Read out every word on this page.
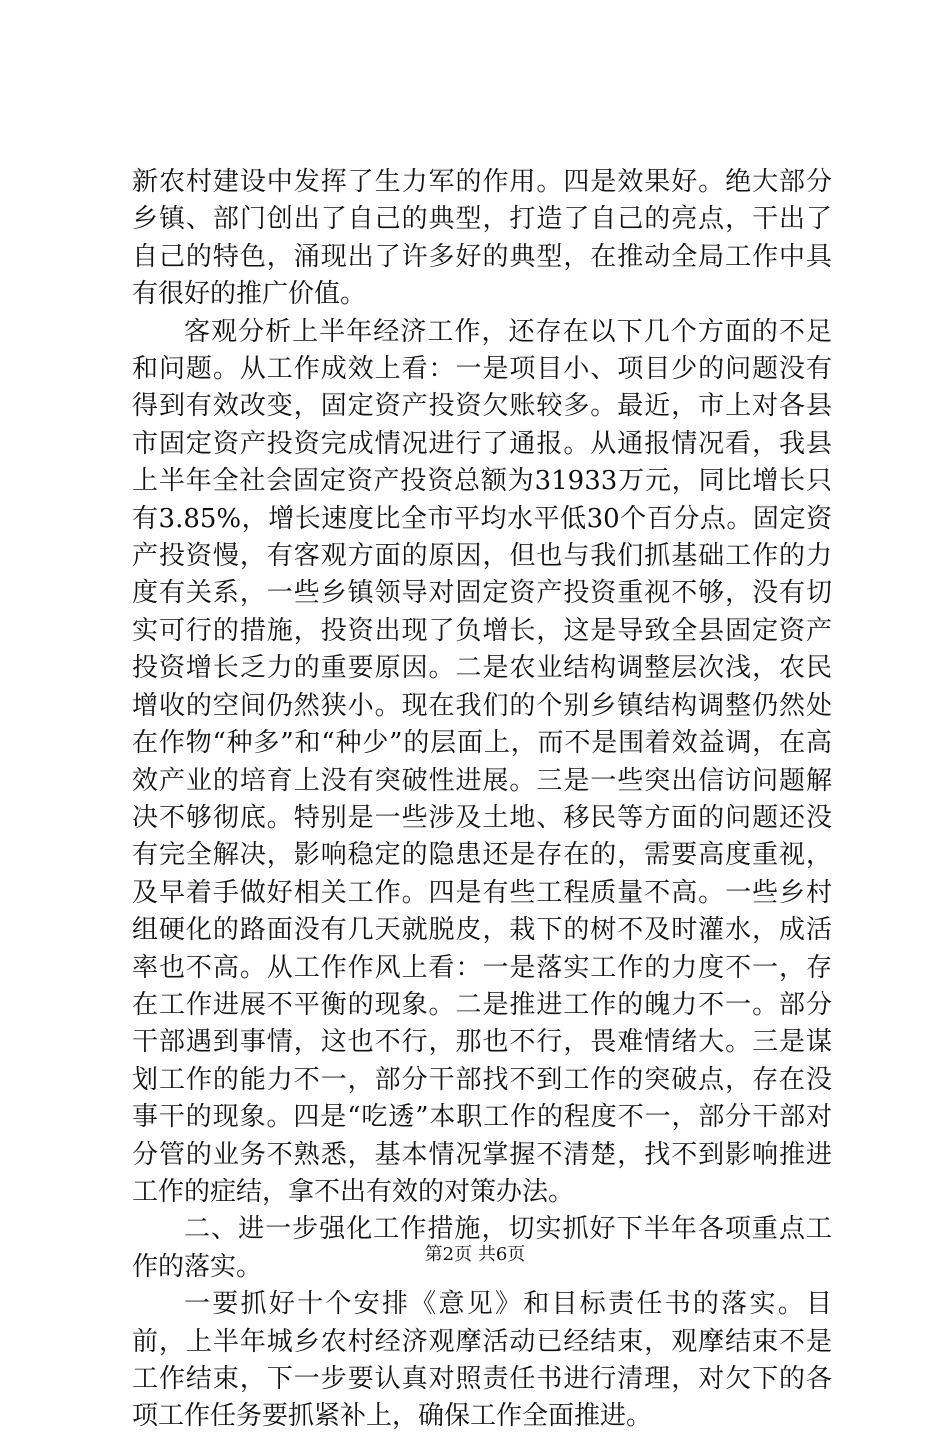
新农村建设中发挥了生力军的作用。四是效果好。绝大部分乡镇、部门创出了自己的典型，打造了自己的亮点，干出了自己的特色，涌现出了许多好的典型，在推动全局工作中具有很好的推广价值。

客观分析上半年经济工作，还存在以下几个方面的不足和问题。从工作成效上看：一是项目小、项目少的问题没有得到有效改变，固定资产投资欠账较多。最近，市上对各县市固定资产投资完成情况进行了通报。从通报情况看，我县上半年全社会固定资产投资总额为31933万元，同比增长只有3.85%，增长速度比全市平均水平低30个百分点。固定资产投资慢，有客观方面的原因，但也与我们抓基础工作的力度有关系，一些乡镇领导对固定资产投资重视不够，没有切实可行的措施，投资出现了负增长，这是导致全县固定资产投资增长乏力的重要原因。二是农业结构调整层次浅，农民增收的空间仍然狭小。现在我们的个别乡镇结构调整仍然处在作物“种多”和“种少”的层面上，而不是围着效益调，在高效产业的培育上没有突破性进展。三是一些突出信访问题解决不够彻底。特别是一些涉及土地、移民等方面的问题还没有完全解决，影响稳定的隐患还是存在的，需要高度重视，及早着手做好相关工作。四是有些工程质量不高。一些乡村组硬化的路面没有几天就脱皮，栽下的树不及时灌水，成活率也不高。从工作作风上看：一是落实工作的力度不一，存在工作进展不平衡的现象。二是推进工作的魄力不一。部分干部遇到事情，这也不行，那也不行，畏难情绪大。三是谋划工作的能力不一，部分干部找不到工作的突破点，存在没事干的现象。四是“吃透”本职工作的程度不一，部分干部对分管的业务不熟悉，基本情况掌握不清楚，找不到影响推进工作的症结，拿不出有效的对策办法。

二、进一步强化工作措施，切实抓好下半年各项重点工作的落实。

一要抓好十个安排《意见》和目标责任书的落实。目前，上半年城乡农村经济观摩活动已经结束，观摩结束不是工作结束，下一步要认真对照责任书进行清理，对欠下的各项工作任务要抓紧补上，确保工作全面推进。

第2页 共6页
